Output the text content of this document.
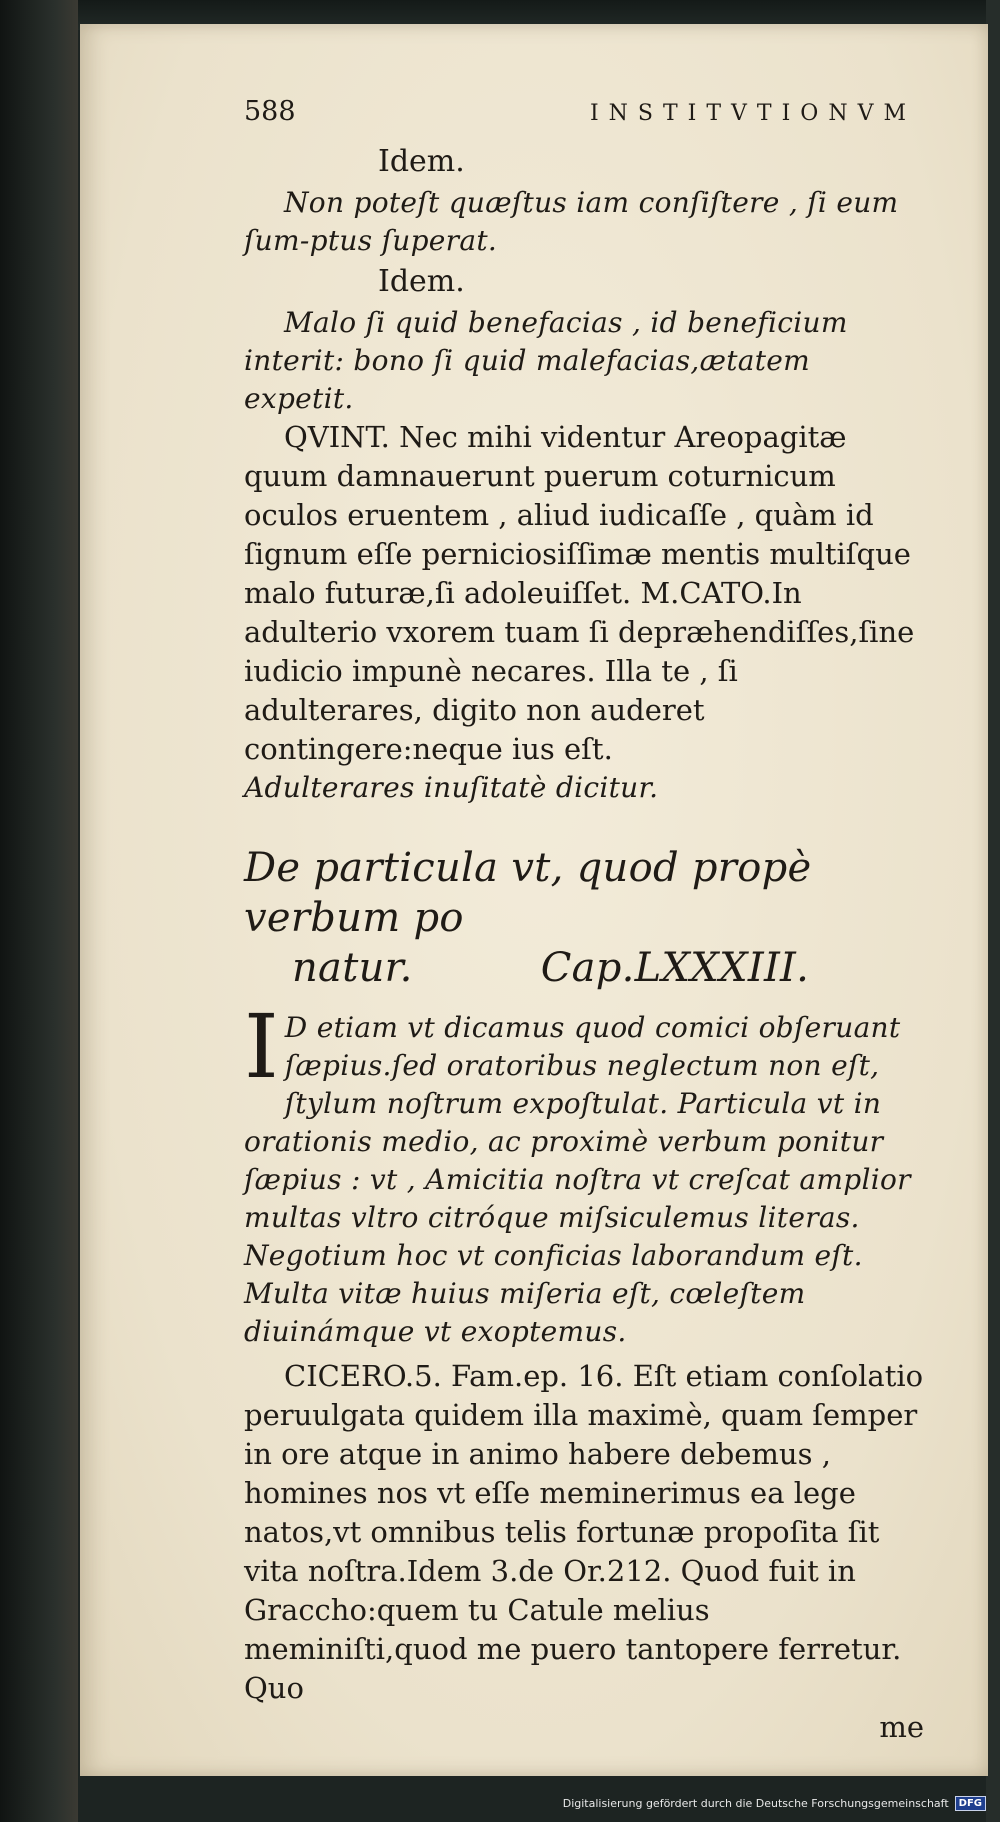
588	INSTITVTIONVM

Idem.

Non poteſt quæſtus iam conſiſtere , ſi eum ſum-ptus ſuperat.

Idem.

Malo ſi quid benefacias , id beneficium interit: bono ſi quid malefacias,ætatem expetit.

QVINT. Nec mihi videntur Areopagitæ quum damnauerunt puerum coturnicum oculos eruentem , aliud iudicaſſe , quàm id ſignum eſſe perniciosiſſimæ mentis multiſque malo futuræ,ſi adoleuiſſet. M.CATO.In adulterio vxorem tuam ſi depræhendiſſes,ſine iudicio impunè necares. Illa te , ſi adulterares, digito non auderet contingere:neque ius eſt.

Adulterares inuſitatè dicitur.

De particula vt, quod propè verbum po
natur.	Cap.LXXXIII.
I D etiam vt dicamus quod comici obſeruant ſæpius.ſed oratoribus neglectum non eſt, ſtylum noſtrum expoſtulat. Particula vt in orationis medio, ac proximè verbum ponitur ſæpius : vt , Amicitia noſtra vt creſcat amplior multas vltro citróque miſsiculemus literas. Negotium hoc vt conficias laborandum eſt. Multa vitæ huius miſeria eſt, cœleſtem diuinámque vt exoptemus.

CICERO.5. Fam.ep. 16. Eſt etiam conſolatio peruulgata quidem illa maximè, quam ſemper in ore atque in animo habere debemus , homines nos vt eſſe meminerimus ea lege natos,vt omnibus telis fortunæ propoſita ſit vita noſtra.Idem 3.de Or.212. Quod fuit in Graccho:quem tu Catule melius meminiſti,quod me puero tantopere ferretur. Quo

me

Digitalisierung gefördert durch die Deutsche Forschungsgemeinschaft	DFG
